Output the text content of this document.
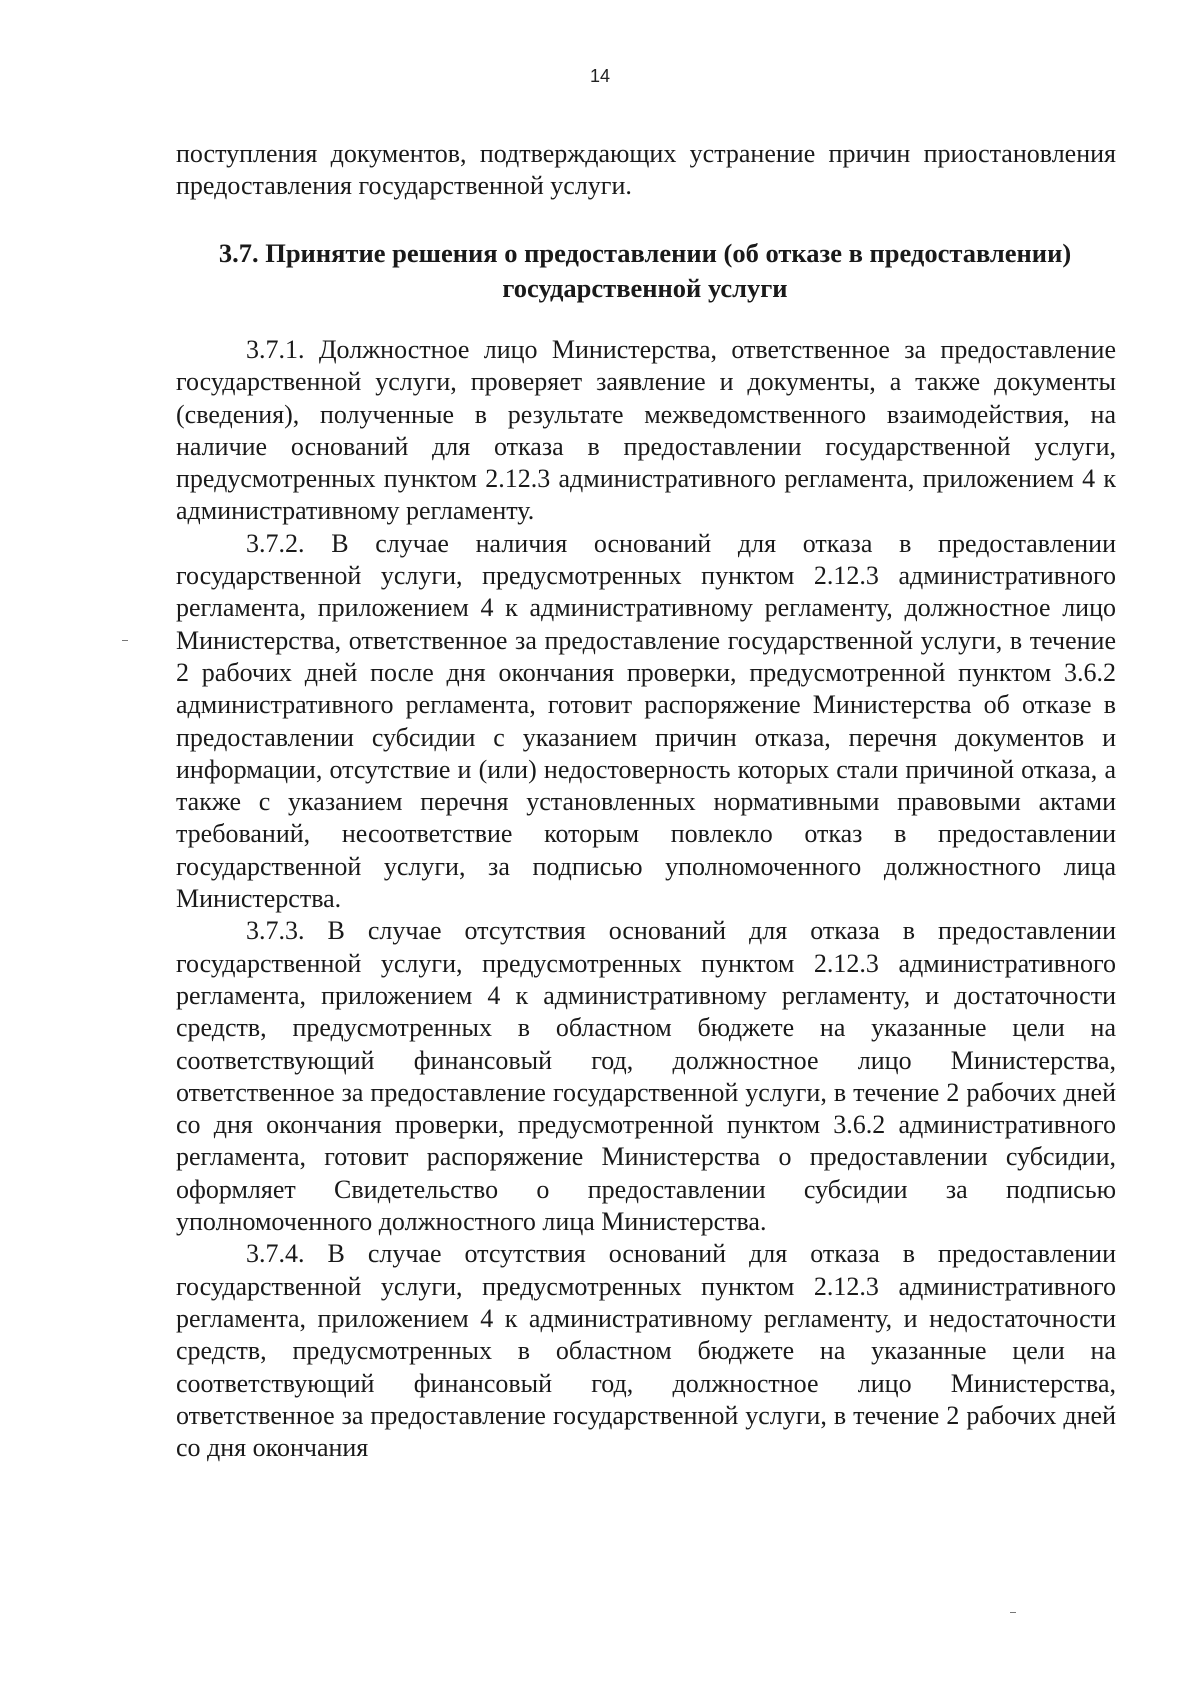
14

поступления документов, подтверждающих устранение причин приостановления предоставления государственной услуги.

3.7. Принятие решения о предоставлении (об отказе в предоставлении)
государственной услуги

3.7.1. Должностное лицо Министерства, ответственное за предоставление государственной услуги, проверяет заявление и документы, а также документы (сведения), полученные в результате межведомственного взаимодействия, на наличие оснований для отказа в предоставлении государственной услуги, предусмотренных пунктом 2.12.3 административного регламента, приложением 4 к административному регламенту.

3.7.2. В случае наличия оснований для отказа в предоставлении государственной услуги, предусмотренных пунктом 2.12.3 административного регламента, приложением 4 к административному регламенту, должностное лицо Министерства, ответственное за предоставление государственной услуги, в течение 2 рабочих дней после дня окончания проверки, предусмотренной пунктом 3.6.2 административного регламента, готовит распоряжение Министерства об отказе в предоставлении субсидии с указанием причин отказа, перечня документов и информации, отсутствие и (или) недостоверность которых стали причиной отказа, а также с указанием перечня установленных нормативными правовыми актами требований, несоответствие которым повлекло отказ в предоставлении государственной услуги, за подписью уполномоченного должностного лица Министерства.

3.7.3. В случае отсутствия оснований для отказа в предоставлении государственной услуги, предусмотренных пунктом 2.12.3 административного регламента, приложением 4 к административному регламенту, и достаточности средств, предусмотренных в областном бюджете на указанные цели на соответствующий финансовый год, должностное лицо Министерства, ответственное за предоставление государственной услуги, в течение 2 рабочих дней со дня окончания проверки, предусмотренной пунктом 3.6.2 административного регламента, готовит распоряжение Министерства о предоставлении субсидии, оформляет Свидетельство о предоставлении субсидии за подписью уполномоченного должностного лица Министерства.

3.7.4. В случае отсутствия оснований для отказа в предоставлении государственной услуги, предусмотренных пунктом 2.12.3 административного регламента, приложением 4 к административному регламенту, и недостаточности средств, предусмотренных в областном бюджете на указанные цели на соответствующий финансовый год, должностное лицо Министерства, ответственное за предоставление государственной услуги, в течение 2 рабочих дней со дня окончания
